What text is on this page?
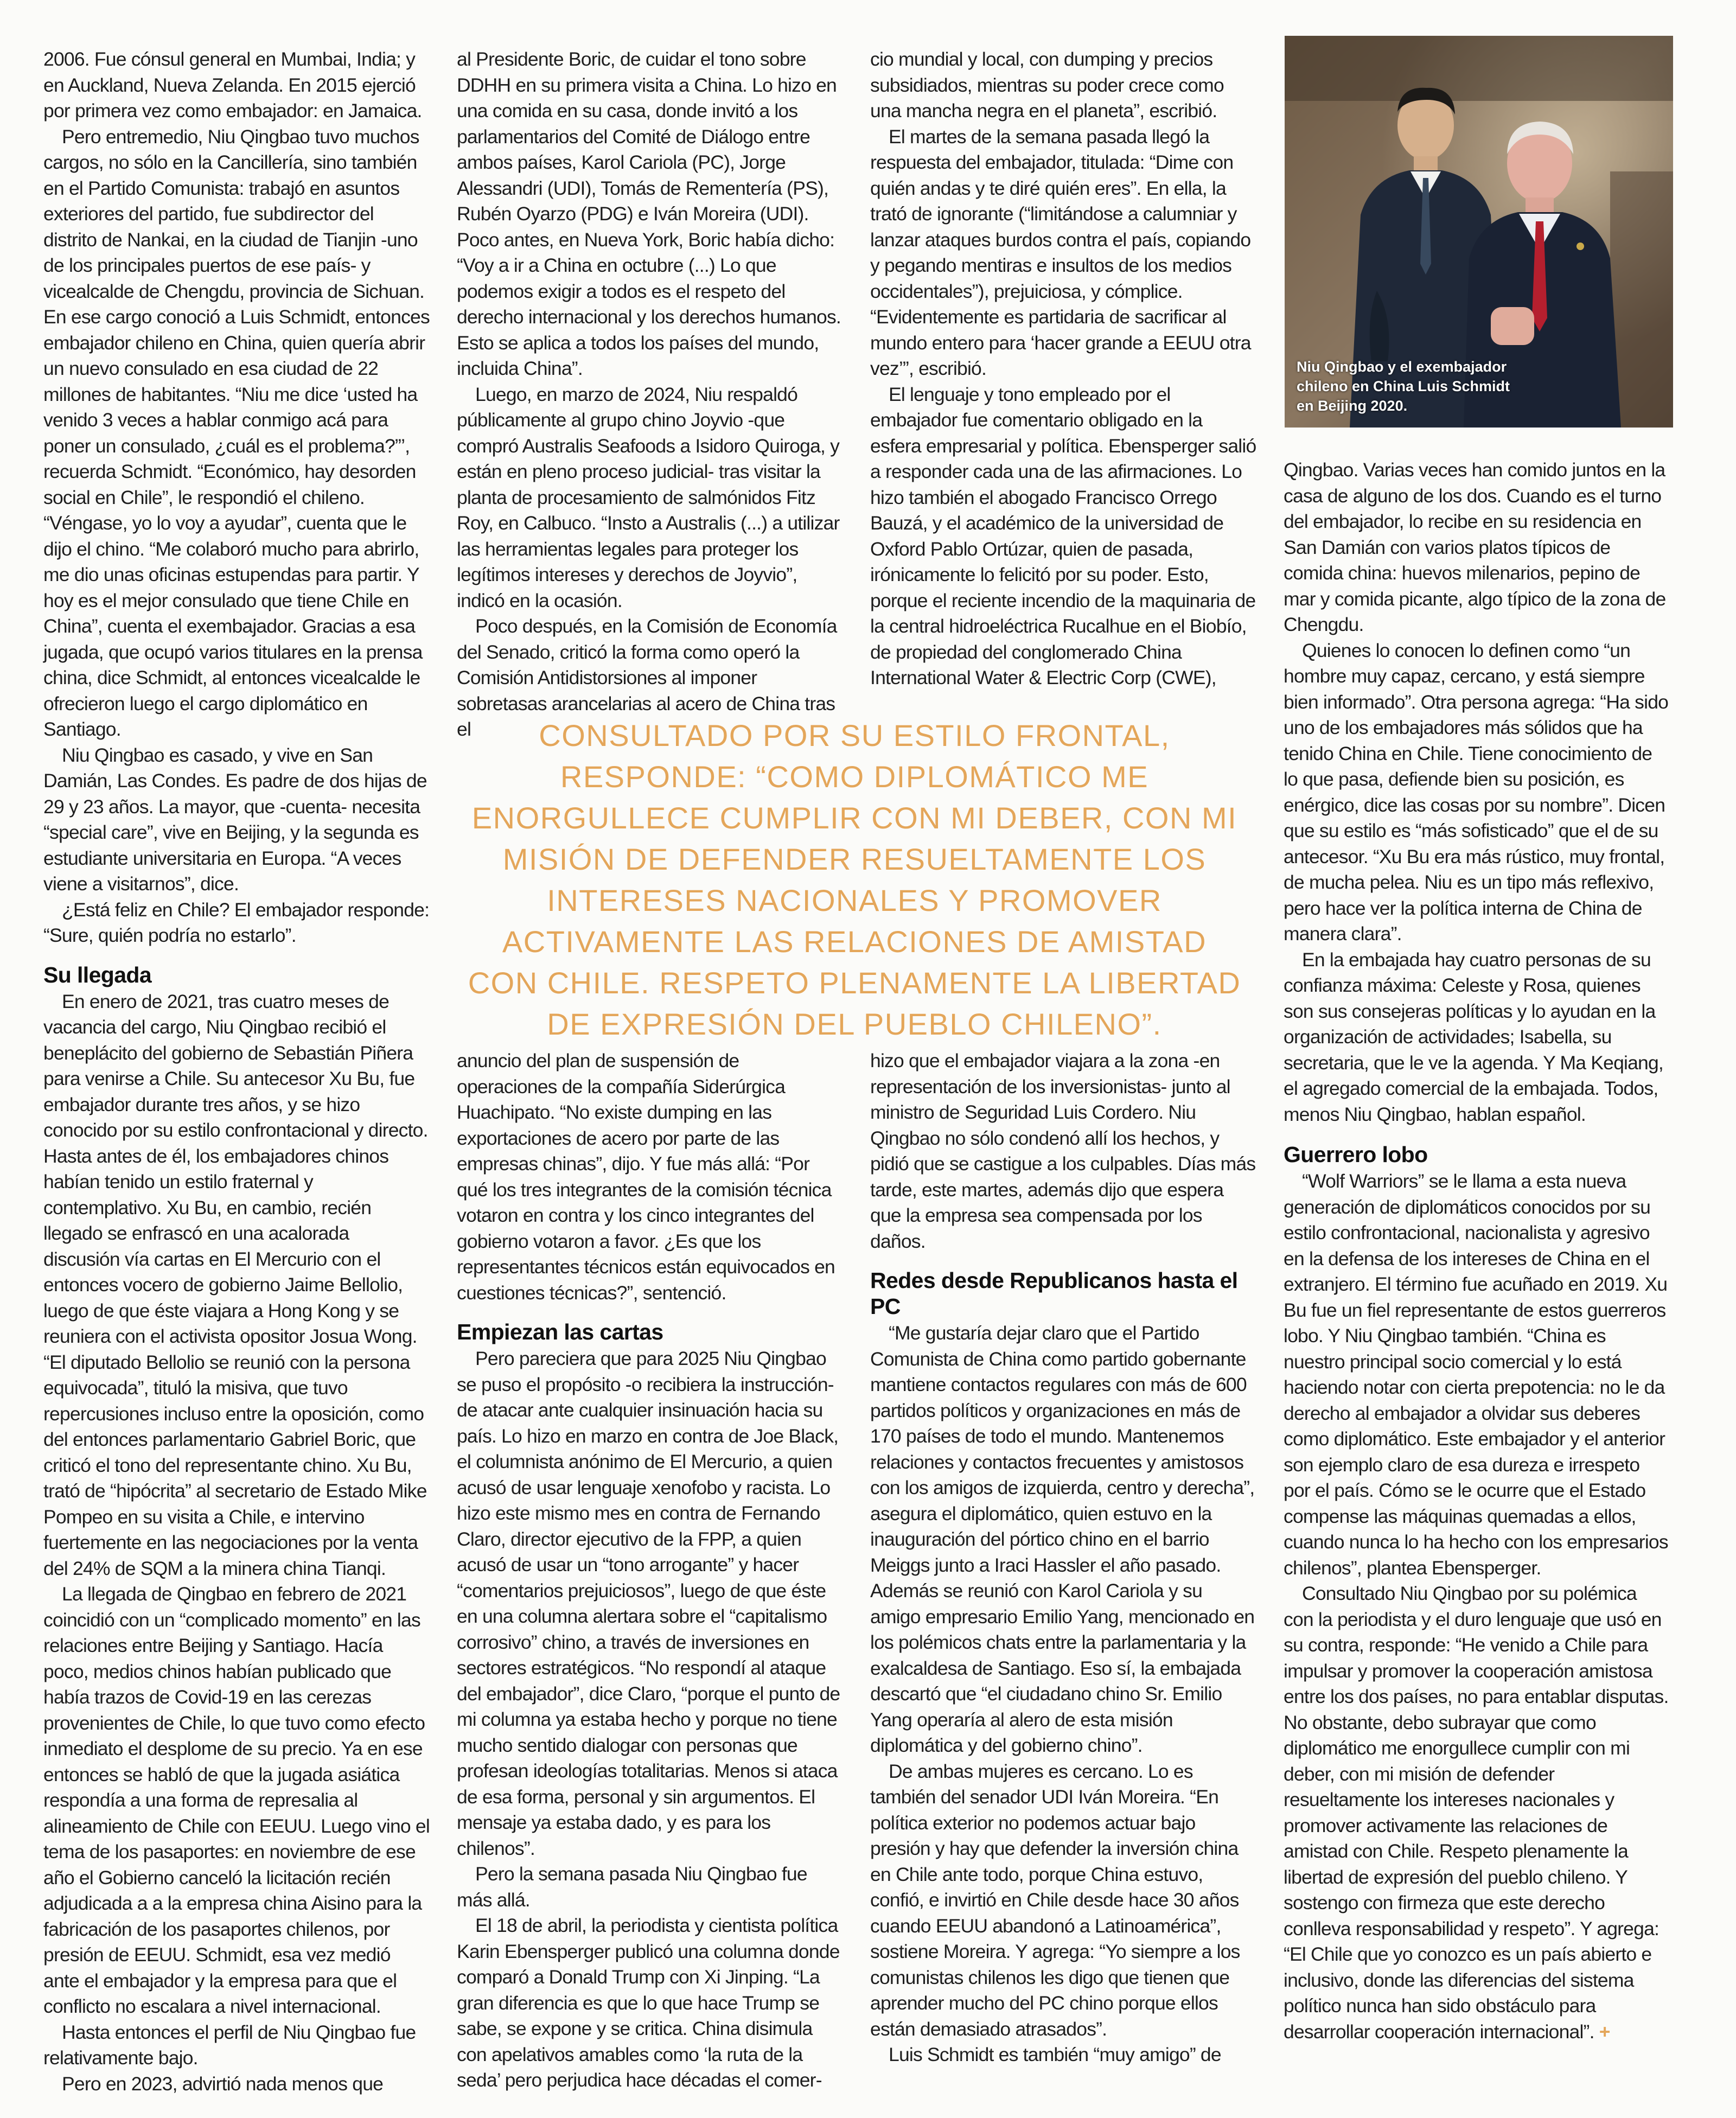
2006. Fue cónsul general en Mumbai, India; y en Auckland, Nueva Zelanda. En 2015 ejerció por primera vez como embajador: en Jamaica.

Pero entremedio, Niu Qingbao tuvo muchos cargos, no sólo en la Cancillería, sino también en el Partido Comunista: trabajó en asuntos exteriores del partido, fue subdirector del distrito de Nankai, en la ciudad de Tianjin -uno de los principales puertos de ese país- y vicealcalde de Chengdu, provincia de Sichuan. En ese cargo conoció a Luis Schmidt, entonces embajador chileno en China, quien quería abrir un nuevo consulado en esa ciudad de 22 millones de habitantes. “Niu me dice ‘usted ha venido 3 veces a hablar conmigo acá para poner un consulado, ¿cuál es el problema?”’, recuerda Schmidt. “Económico, hay desorden social en Chile”, le respondió el chileno. “Véngase, yo lo voy a ayudar”, cuenta que le dijo el chino. “Me colaboró mucho para abrirlo, me dio unas oficinas estupendas para partir. Y hoy es el mejor consulado que tiene Chile en China”, cuenta el exembajador. Gracias a esa jugada, que ocupó varios titulares en la prensa china, dice Schmidt, al entonces vicealcalde le ofrecieron luego el cargo diplomático en Santiago.

Niu Qingbao es casado, y vive en San Damián, Las Condes. Es padre de dos hijas de 29 y 23 años. La mayor, que -cuenta- necesita “special care”, vive en Beijing, y la segunda es estudiante universitaria en Europa. “A veces viene a visitarnos”, dice.

¿Está feliz en Chile? El embajador responde: “Sure, quién podría no estarlo”.

Su llegada

En enero de 2021, tras cuatro meses de vacancia del cargo, Niu Qingbao recibió el beneplácito del gobierno de Sebastián Piñera para venirse a Chile. Su antecesor Xu Bu, fue embajador durante tres años, y se hizo conocido por su estilo confrontacional y directo. Hasta antes de él, los embajadores chinos habían tenido un estilo fraternal y contemplativo. Xu Bu, en cambio, recién llegado se enfrascó en una acalorada discusión vía cartas en El Mercurio con el entonces vocero de gobierno Jaime Bellolio, luego de que éste viajara a Hong Kong y se reuniera con el activista opositor Josua Wong. “El diputado Bellolio se reunió con la persona equivocada”, tituló la misiva, que tuvo repercusiones incluso entre la oposición, como del entonces parlamentario Gabriel Boric, que criticó el tono del representante chino. Xu Bu, trató de “hipócrita” al secretario de Estado Mike Pompeo en su visita a Chile, e intervino fuertemente en las negociaciones por la venta del 24% de SQM a la minera china Tianqi.

La llegada de Qingbao en febrero de 2021 coincidió con un “complicado momento” en las relaciones entre Beijing y Santiago. Hacía poco, medios chinos habían publicado que había trazos de Covid-19 en las cerezas provenientes de Chile, lo que tuvo como efecto inmediato el desplome de su precio. Ya en ese entonces se habló de que la jugada asiática respondía a una forma de represalia al alineamiento de Chile con EEUU. Luego vino el tema de los pasaportes: en noviembre de ese año el Gobierno canceló la licitación recién adjudicada a a la empresa china Aisino para la fabricación de los pasaportes chilenos, por presión de EEUU. Schmidt, esa vez medió ante el embajador y la empresa para que el conflicto no escalara a nivel internacional.

Hasta entonces el perfil de Niu Qingbao fue relativamente bajo.

Pero en 2023, advirtió nada menos que

al Presidente Boric, de cuidar el tono sobre DDHH en su primera visita a China. Lo hizo en una comida en su casa, donde invitó a los parlamentarios del Comité de Diálogo entre ambos países, Karol Cariola (PC), Jorge Alessandri (UDI), Tomás de Rementería (PS), Rubén Oyarzo (PDG) e Iván Moreira (UDI). Poco antes, en Nueva York, Boric había dicho: “Voy a ir a China en octubre (...) Lo que podemos exigir a todos es el respeto del derecho internacional y los derechos humanos. Esto se aplica a todos los países del mundo, incluida China”.

Luego, en marzo de 2024, Niu respaldó públicamente al grupo chino Joyvio -que compró Australis Seafoods a Isidoro Quiroga, y están en pleno proceso judicial- tras visitar la planta de procesamiento de salmónidos Fitz Roy, en Calbuco. “Insto a Australis (...) a utilizar las herramientas legales para proteger los legítimos intereses y derechos de Joyvio”, indicó en la ocasión.

Poco después, en la Comisión de Economía del Senado, criticó la forma como operó la Comisión Antidistorsiones al imponer sobretasas arancelarias al acero de China tras el

cio mundial y local, con dumping y precios subsidiados, mientras su poder crece como una mancha negra en el planeta”, escribió.

El martes de la semana pasada llegó la respuesta del embajador, titulada: “Dime con quién andas y te diré quién eres”. En ella, la trató de ignorante (“limitándose a calumniar y lanzar ataques burdos contra el país, copiando y pegando mentiras e insultos de los medios occidentales”), prejuiciosa, y cómplice. “Evidentemente es partidaria de sacrificar al mundo entero para ‘hacer grande a EEUU otra vez’”, escribió.

El lenguaje y tono empleado por el embajador fue comentario obligado en la esfera empresarial y política. Ebensperger salió a responder cada una de las afirmaciones. Lo hizo también el abogado Francisco Orrego Bauzá, y el académico de la universidad de Oxford Pablo Ortúzar, quien de pasada, irónicamente lo felicitó por su poder. Esto, porque el reciente incendio de la maquinaria de la central hidroeléctrica Rucalhue en el Biobío, de propiedad del conglomerado China International Water & Electric Corp (CWE),

CONSULTADO POR SU ESTILO FRONTAL, RESPONDE: “COMO DIPLOMÁTICO ME ENORGULLECE CUMPLIR CON MI DEBER, CON MI MISIÓN DE DEFENDER RESUELTAMENTE LOS INTERESES NACIONALES Y PROMOVER ACTIVAMENTE LAS RELACIONES DE AMISTAD CON CHILE. RESPETO PLENAMENTE LA LIBERTAD DE EXPRESIÓN DEL PUEBLO CHILENO”.

anuncio del plan de suspensión de operaciones de la compañía Siderúrgica Huachipato. “No existe dumping en las exportaciones de acero por parte de las empresas chinas”, dijo. Y fue más allá: “Por qué los tres integrantes de la comisión técnica votaron en contra y los cinco integrantes del gobierno votaron a favor. ¿Es que los representantes técnicos están equivocados en cuestiones técnicas?”, sentenció.

Empiezan las cartas

Pero pareciera que para 2025 Niu Qingbao se puso el propósito -o recibiera la instrucción- de atacar ante cualquier insinuación hacia su país. Lo hizo en marzo en contra de Joe Black, el columnista anónimo de El Mercurio, a quien acusó de usar lenguaje xenofobo y racista. Lo hizo este mismo mes en contra de Fernando Claro, director ejecutivo de la FPP, a quien acusó de usar un “tono arrogante” y hacer “comentarios prejuiciosos”, luego de que éste en una columna alertara sobre el “capitalismo corrosivo” chino, a través de inversiones en sectores estratégicos. “No respondí al ataque del embajador”, dice Claro, “porque el punto de mi columna ya estaba hecho y porque no tiene mucho sentido dialogar con personas que profesan ideologías totalitarias. Menos si ataca de esa forma, personal y sin argumentos. El mensaje ya estaba dado, y es para los chilenos”.

Pero la semana pasada Niu Qingbao fue más allá.

El 18 de abril, la periodista y cientista política Karin Ebensperger publicó una columna donde comparó a Donald Trump con Xi Jinping. “La gran diferencia es que lo que hace Trump se sabe, se expone y se critica. China disimula con apelativos amables como ‘la ruta de la seda’ pero perjudica hace décadas el comer-

hizo que el embajador viajara a la zona -en representación de los inversionistas- junto al ministro de Seguridad Luis Cordero. Niu Qingbao no sólo condenó allí los hechos, y pidió que se castigue a los culpables. Días más tarde, este martes, además dijo que espera que la empresa sea compensada por los daños.

Redes desde Republicanos hasta el PC

“Me gustaría dejar claro que el Partido Comunista de China como partido gobernante mantiene contactos regulares con más de 600 partidos políticos y organizaciones en más de 170 países de todo el mundo. Mantenemos relaciones y contactos frecuentes y amistosos con los amigos de izquierda, centro y derecha”, asegura el diplomático, quien estuvo en la inauguración del pórtico chino en el barrio Meiggs junto a Iraci Hassler el año pasado. Además se reunió con Karol Cariola y su amigo empresario Emilio Yang, mencionado en los polémicos chats entre la parlamentaria y la exalcaldesa de Santiago. Eso sí, la embajada descartó que “el ciudadano chino Sr. Emilio Yang operaría al alero de esta misión diplomática y del gobierno chino”.

De ambas mujeres es cercano. Lo es también del senador UDI Iván Moreira. “En política exterior no podemos actuar bajo presión y hay que defender la inversión china en Chile ante todo, porque China estuvo, confió, e invirtió en Chile desde hace 30 años cuando EEUU abandonó a Latinoamérica”, sostiene Moreira. Y agrega: “Yo siempre a los comunistas chilenos les digo que tienen que aprender mucho del PC chino porque ellos están demasiado atrasados”.

Luis Schmidt es también “muy amigo” de

Niu Qingbao y el exembajador chileno en China Luis Schmidt en Beijing 2020.

Qingbao. Varias veces han comido juntos en la casa de alguno de los dos. Cuando es el turno del embajador, lo recibe en su residencia en San Damián con varios platos típicos de comida china: huevos milenarios, pepino de mar y comida picante, algo típico de la zona de Chengdu.

Quienes lo conocen lo definen como “un hombre muy capaz, cercano, y está siempre bien informado”. Otra persona agrega: “Ha sido uno de los embajadores más sólidos que ha tenido China en Chile. Tiene conocimiento de lo que pasa, defiende bien su posición, es enérgico, dice las cosas por su nombre”. Dicen que su estilo es “más sofisticado” que el de su antecesor. “Xu Bu era más rústico, muy frontal, de mucha pelea. Niu es un tipo más reflexivo, pero hace ver la política interna de China de manera clara”.

En la embajada hay cuatro personas de su confianza máxima: Celeste y Rosa, quienes son sus consejeras políticas y lo ayudan en la organización de actividades; Isabella, su secretaria, que le ve la agenda. Y Ma Keqiang, el agregado comercial de la embajada. Todos, menos Niu Qingbao, hablan español.

Guerrero lobo

“Wolf Warriors” se le llama a esta nueva generación de diplomáticos conocidos por su estilo confrontacional, nacionalista y agresivo en la defensa de los intereses de China en el extranjero. El término fue acuñado en 2019. Xu Bu fue un fiel representante de estos guerreros lobo. Y Niu Qingbao también. “China es nuestro principal socio comercial y lo está haciendo notar con cierta prepotencia: no le da derecho al embajador a olvidar sus deberes como diplomático. Este embajador y el anterior son ejemplo claro de esa dureza e irrespeto por el país. Cómo se le ocurre que el Estado compense las máquinas quemadas a ellos, cuando nunca lo ha hecho con los empresarios chilenos”, plantea Ebensperger.

Consultado Niu Qingbao por su polémica con la periodista y el duro lenguaje que usó en su contra, responde: “He venido a Chile para impulsar y promover la cooperación amistosa entre los dos países, no para entablar disputas. No obstante, debo subrayar que como diplomático me enorgullece cumplir con mi deber, con mi misión de defender resueltamente los intereses nacionales y promover activamente las relaciones de amistad con Chile. Respeto plenamente la libertad de expresión del pueblo chileno. Y sostengo con firmeza que este derecho conlleva responsabilidad y respeto”. Y agrega: “El Chile que yo conozco es un país abierto e inclusivo, donde las diferencias del sistema político nunca han sido obstáculo para desarrollar cooperación internacional”. +
